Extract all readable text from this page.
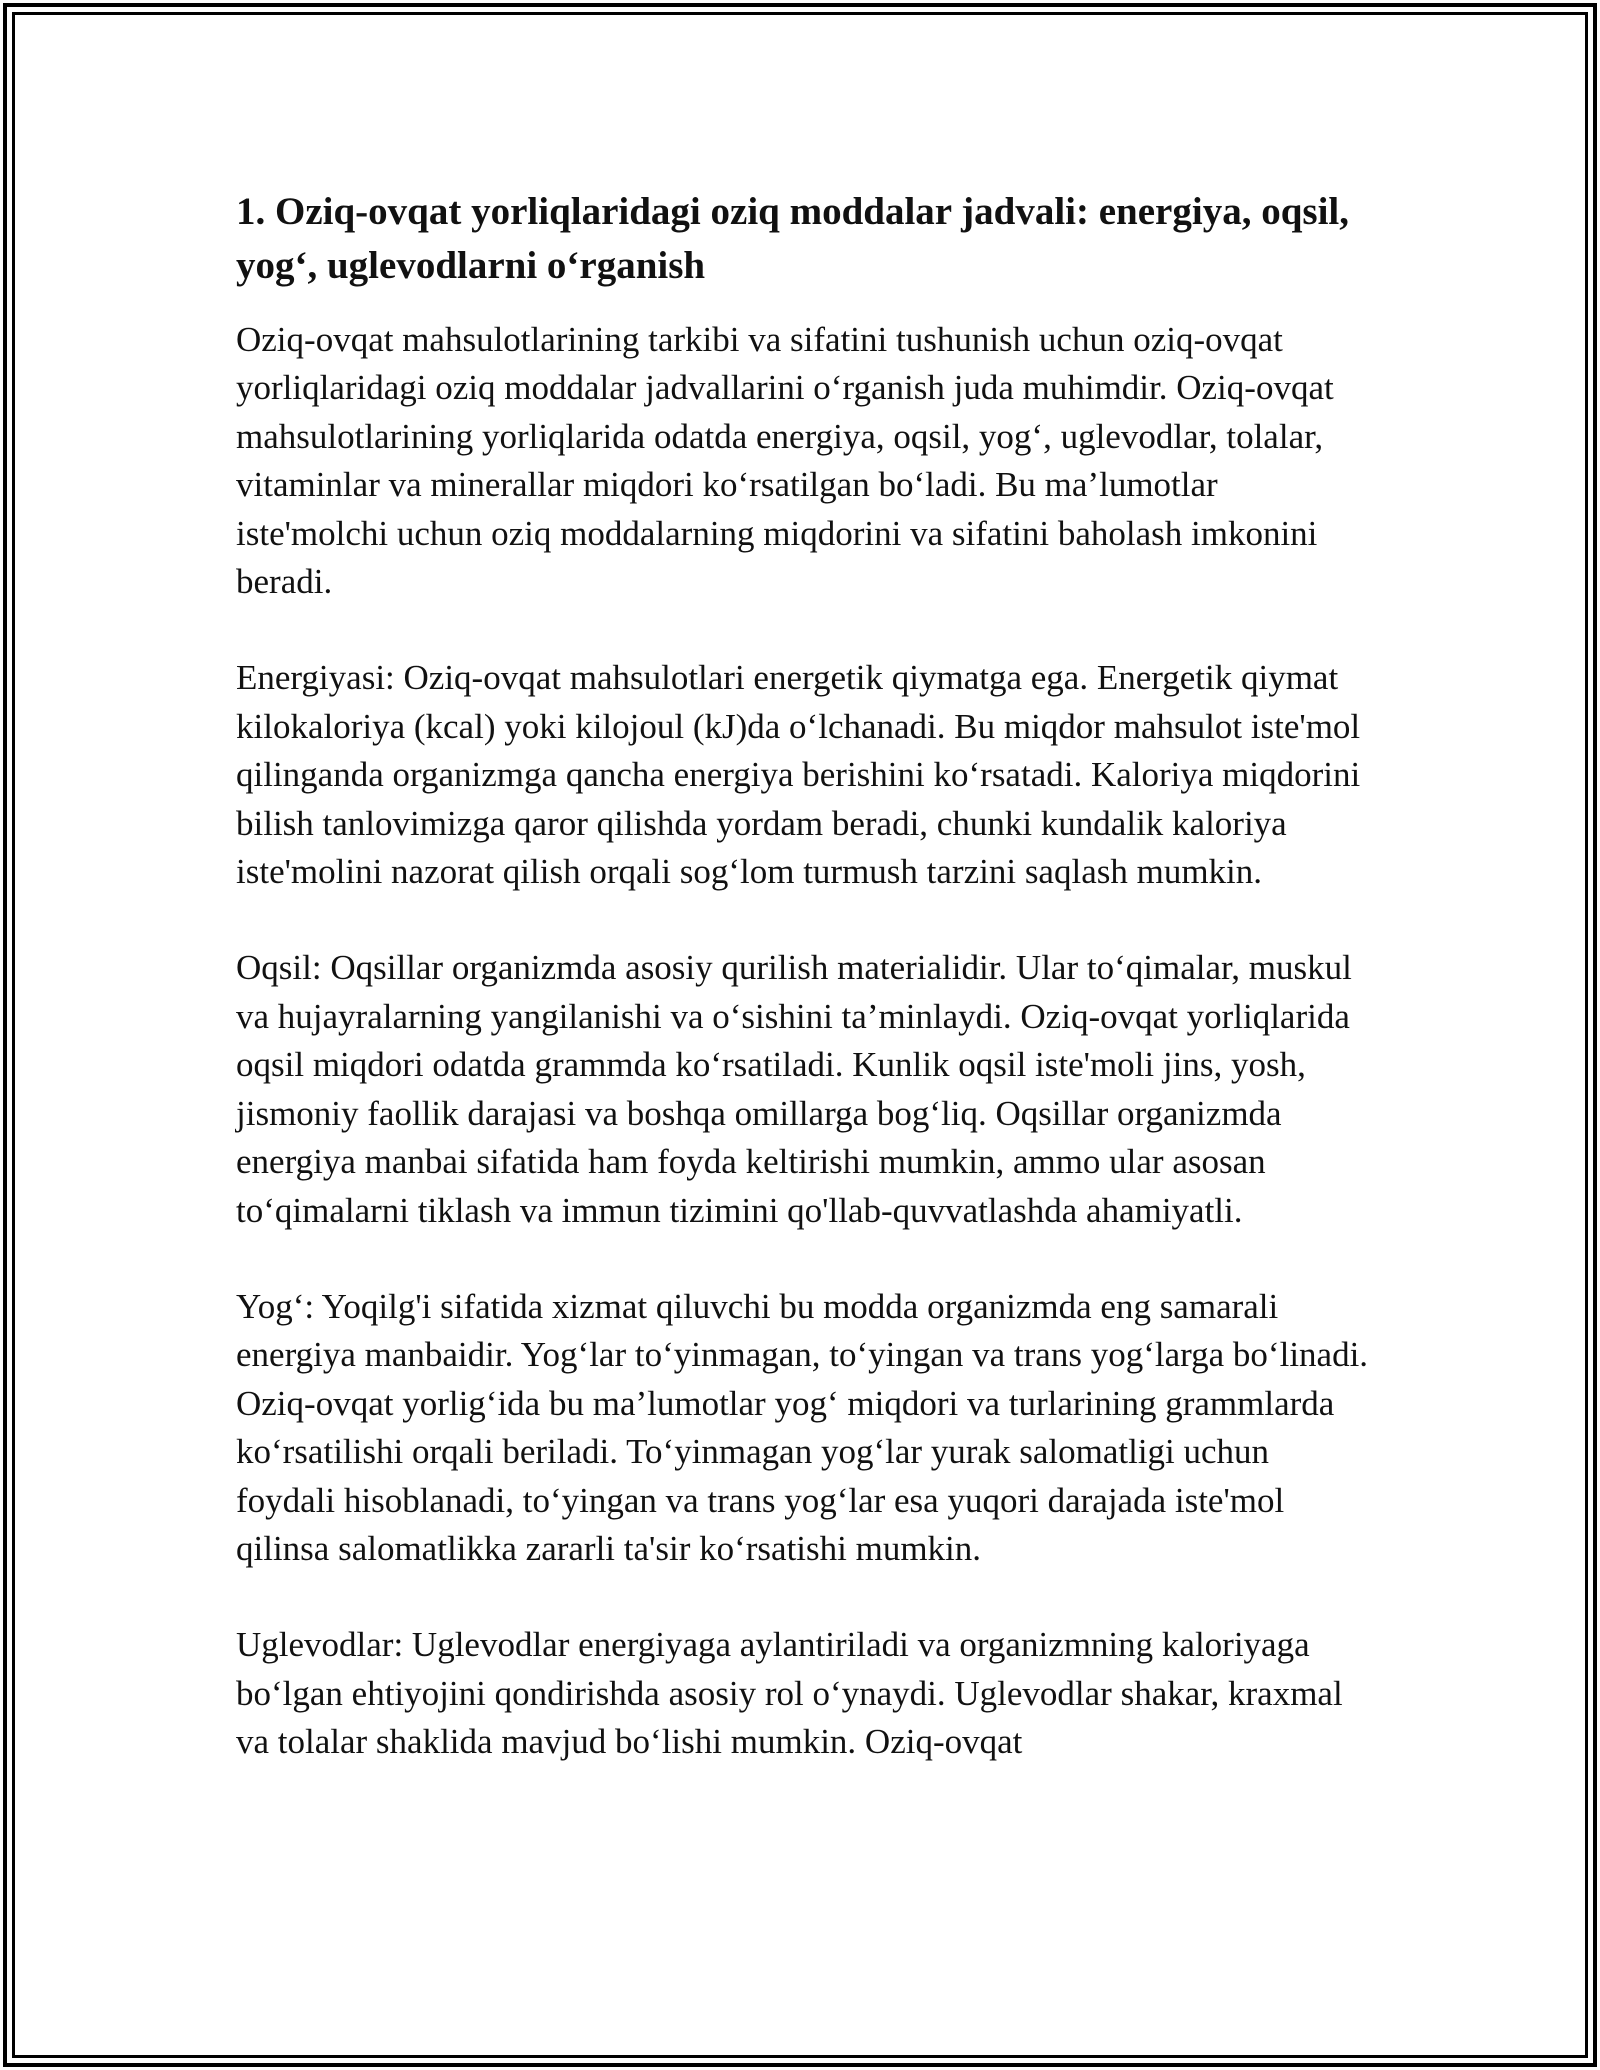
1. Oziq-ovqat yorliqlaridagi oziq moddalar jadvali: energiya, oqsil, yog‘, uglevodlarni o‘rganish

Oziq-ovqat mahsulotlarining tarkibi va sifatini tushunish uchun oziq-ovqat yorliqlaridagi oziq moddalar jadvallarini o‘rganish juda muhimdir. Oziq-ovqat mahsulotlarining yorliqlarida odatda energiya, oqsil, yog‘, uglevodlar, tolalar, vitaminlar va minerallar miqdori ko‘rsatilgan bo‘ladi. Bu ma’lumotlar iste'molchi uchun oziq moddalarning miqdorini va sifatini baholash imkonini beradi.

Energiyasi: Oziq-ovqat mahsulotlari energetik qiymatga ega. Energetik qiymat kilokaloriya (kcal) yoki kilojoul (kJ)da o‘lchanadi. Bu miqdor mahsulot iste'mol qilinganda organizmga qancha energiya berishini ko‘rsatadi. Kaloriya miqdorini bilish tanlovimizga qaror qilishda yordam beradi, chunki kundalik kaloriya iste'molini nazorat qilish orqali sog‘lom turmush tarzini saqlash mumkin.

Oqsil: Oqsillar organizmda asosiy qurilish materialidir. Ular to‘qimalar, muskul va hujayralarning yangilanishi va o‘sishini ta’minlaydi. Oziq-ovqat yorliqlarida oqsil miqdori odatda grammda ko‘rsatiladi. Kunlik oqsil iste'moli jins, yosh, jismoniy faollik darajasi va boshqa omillarga bog‘liq. Oqsillar organizmda energiya manbai sifatida ham foyda keltirishi mumkin, ammo ular asosan to‘qimalarni tiklash va immun tizimini qo'llab-quvvatlashda ahamiyatli.

Yog‘: Yoqilg'i sifatida xizmat qiluvchi bu modda organizmda eng samarali energiya manbaidir. Yog‘lar to‘yinmagan, to‘yingan va trans yog‘larga bo‘linadi. Oziq-ovqat yorlig‘ida bu ma’lumotlar yog‘ miqdori va turlarining grammlarda ko‘rsatilishi orqali beriladi. To‘yinmagan yog‘lar yurak salomatligi uchun foydali hisoblanadi, to‘yingan va trans yog‘lar esa yuqori darajada iste'mol qilinsa salomatlikka zararli ta'sir ko‘rsatishi mumkin.

Uglevodlar: Uglevodlar energiyaga aylantiriladi va organizmning kaloriyaga bo‘lgan ehtiyojini qondirishda asosiy rol o‘ynaydi. Uglevodlar shakar, kraxmal va tolalar shaklida mavjud bo‘lishi mumkin. Oziq-ovqat
